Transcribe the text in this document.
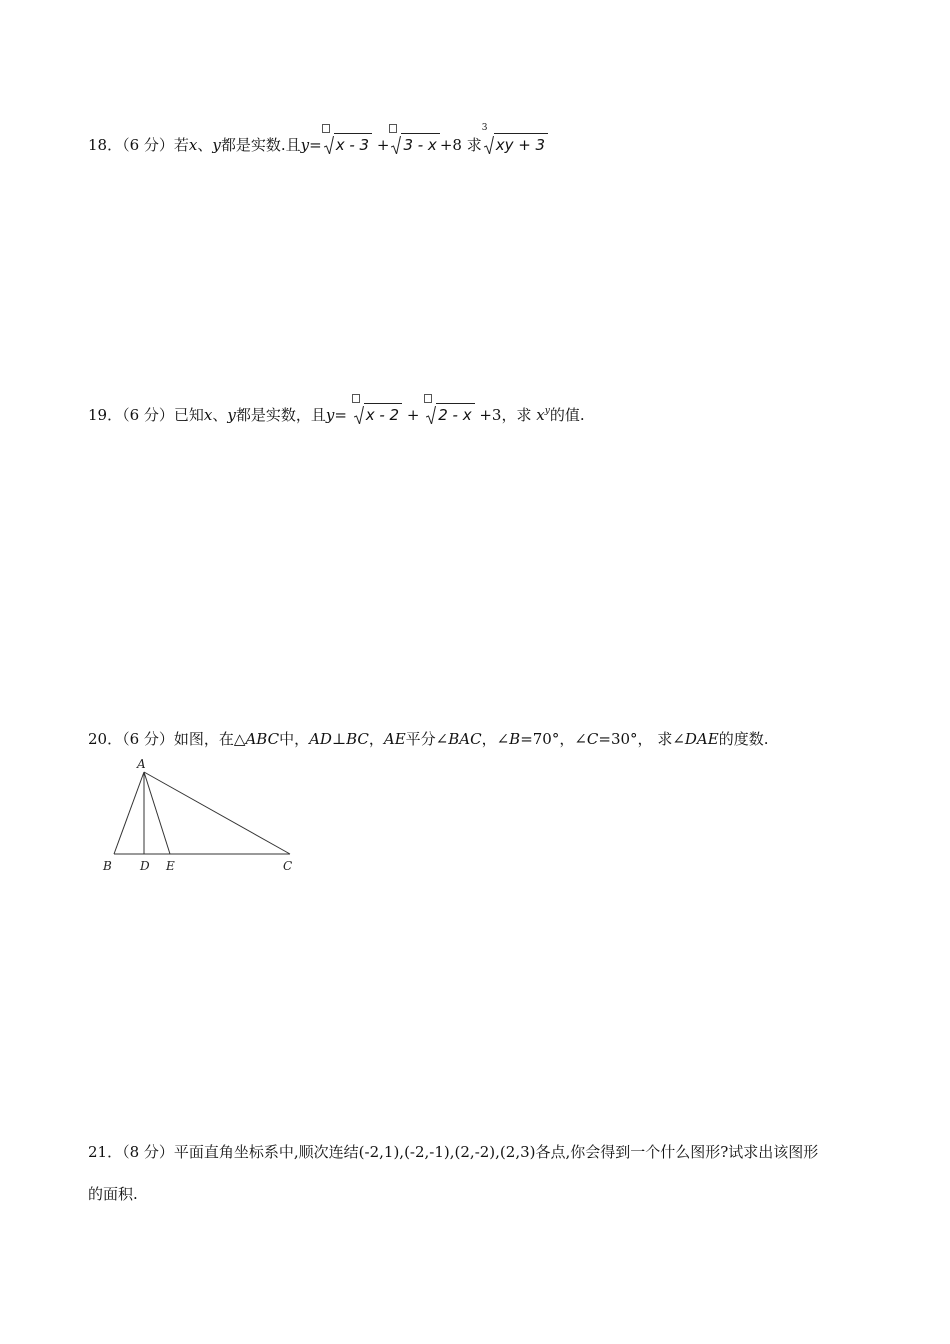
18．（6 分）若x、y都是实数.且y= x - 3 + 3 - x +8 求
3
xy + 3
19．（6 分）已知x、y都是实数，且y= x - 2 +
2 - x +3，求 $x^y$的值.
20．（6 分）如图，在△ABC中，AD⊥BC，AE平分∠BAC，∠B=70°，∠C=30°， 求∠DAE的度数.
A
B D E	C
21．（8 分）平面直角坐标系中,顺次连结(-2,1),(-2,-1),(2,-2),(2,3)各点,你会得到一个什么图形?试求出该图形
的面积.
